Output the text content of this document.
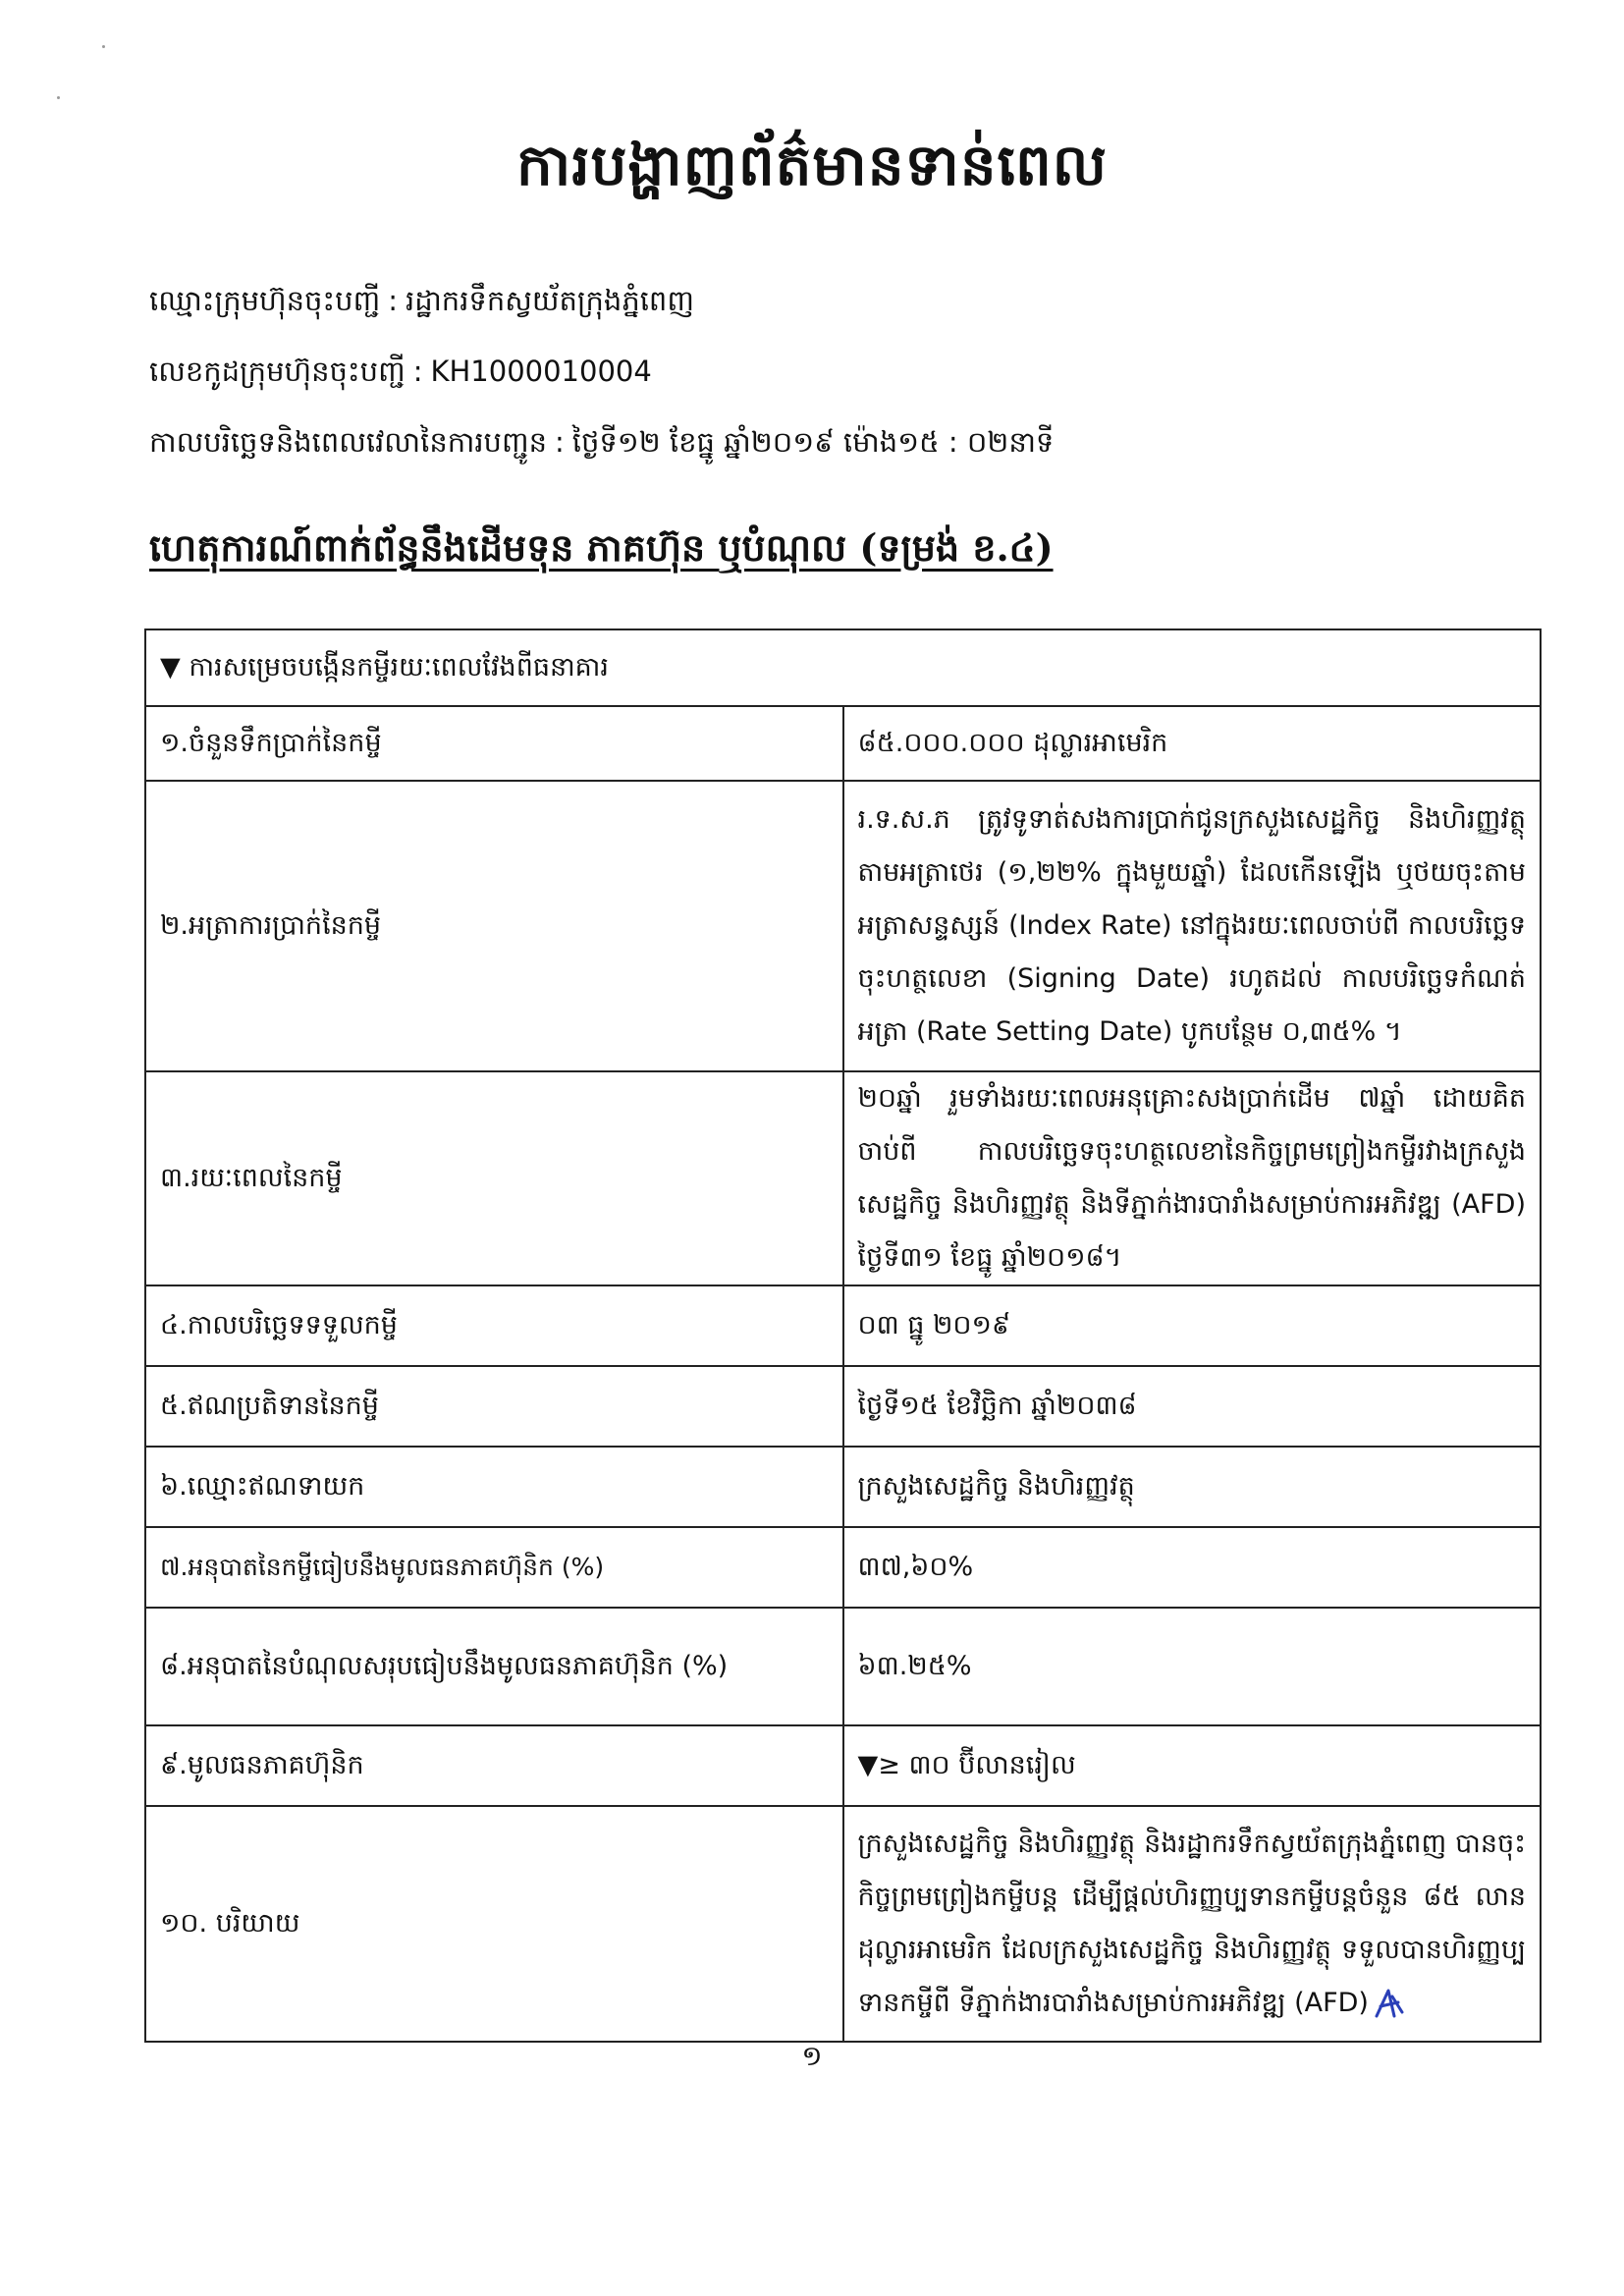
ការបង្ហាញព័ត៌មានទាន់ពេល
ឈ្មោះក្រុមហ៊ុនចុះបញ្ជី : រដ្ឋាករទឹកស្វយ័តក្រុងភ្នំពេញ
លេខកូដក្រុមហ៊ុនចុះបញ្ជី : KH1000010004
កាលបរិច្ឆេទនិងពេលវេលានៃការបញ្ជូន : ថ្ងៃទី១២ ខែធ្នូ ឆ្នាំ២០១៩ ម៉ោង១៥ : ០២នាទី
ហេតុការណ៍ពាក់ព័ន្ធនឹងដើមទុន ភាគហ៊ុន ឬបំណុល (ទម្រង់ ខ.៤)
▼ ការសម្រេចបង្កើនកម្ចីរយៈពេលវែងពីធនាគារ	
១.ចំនួនទឹកប្រាក់នៃកម្ចី	៨៥.០០០.០០០ ដុល្លារអាមេរិក
២.អត្រាការប្រាក់នៃកម្ចី	រ.ទ.ស.ភ ត្រូវទូទាត់សងការប្រាក់ជូនក្រសួងសេដ្ឋកិច្ច និងហិរញ្ញវត្ថុ តាមអត្រាថេរ (១,២២% ក្នុងមួយឆ្នាំ) ដែលកើនឡើង ឬថយចុះតាមអត្រាសន្ទស្សន៍ (Index Rate) នៅក្នុងរយៈពេលចាប់ពី កាលបរិច្ឆេទចុះហត្ថលេខា (Signing Date) រហូតដល់ កាលបរិច្ឆេទកំណត់អត្រា (Rate Setting Date) បូកបន្ថែម ០,៣៥% ។
៣.រយៈពេលនៃកម្ចី	២០ឆ្នាំ រួមទាំងរយៈពេលអនុគ្រោះសងប្រាក់ដើម ៧ឆ្នាំ ដោយគិតចាប់ពី កាលបរិច្ឆេទចុះហត្ថលេខានៃកិច្ចព្រមព្រៀងកម្ចីរវាងក្រសួងសេដ្ឋកិច្ច និងហិរញ្ញវត្ថុ និងទីភ្នាក់ងារបារាំងសម្រាប់ការអភិវឌ្ឍ (AFD) ថ្ងៃទី៣១ ខែធ្នូ ឆ្នាំ២០១៨។
៤.កាលបរិច្ឆេទទទួលកម្ចី	០៣ ធ្នូ ២០១៩
៥.ឥណប្រតិទាននៃកម្ចី	ថ្ងៃទី១៥ ខែវិច្ឆិកា ឆ្នាំ២០៣៨
៦.ឈ្មោះឥណទាយក	ក្រសួងសេដ្ឋកិច្ច និងហិរញ្ញវត្ថុ
៧.អនុបាតនៃកម្ចីធៀបនឹងមូលធនភាគហ៊ុនិក (%)	៣៧,៦០%
៨.អនុបាតនៃបំណុលសរុបធៀបនឹងមូលធនភាគហ៊ុនិក (%)	៦៣.២៥%
៩.មូលធនភាគហ៊ុនិក	▼≥ ៣០ ប៊ីលានរៀល
១០. បរិយាយ	ក្រសួងសេដ្ឋកិច្ច និងហិរញ្ញវត្ថុ និងរដ្ឋាករទឹកស្វយ័តក្រុងភ្នំពេញ បានចុះកិច្ចព្រមព្រៀងកម្ចីបន្ត ដើម្បីផ្តល់ហិរញ្ញប្បទានកម្ចីបន្តចំនួន ៨៥ លានដុល្លារអាមេរិក ដែលក្រសួងសេដ្ឋកិច្ច និងហិរញ្ញវត្ថុ ទទួលបានហិរញ្ញប្បទានកម្ចីពី ទីភ្នាក់ងារបារាំងសម្រាប់ការអភិវឌ្ឍ (AFD)
១
